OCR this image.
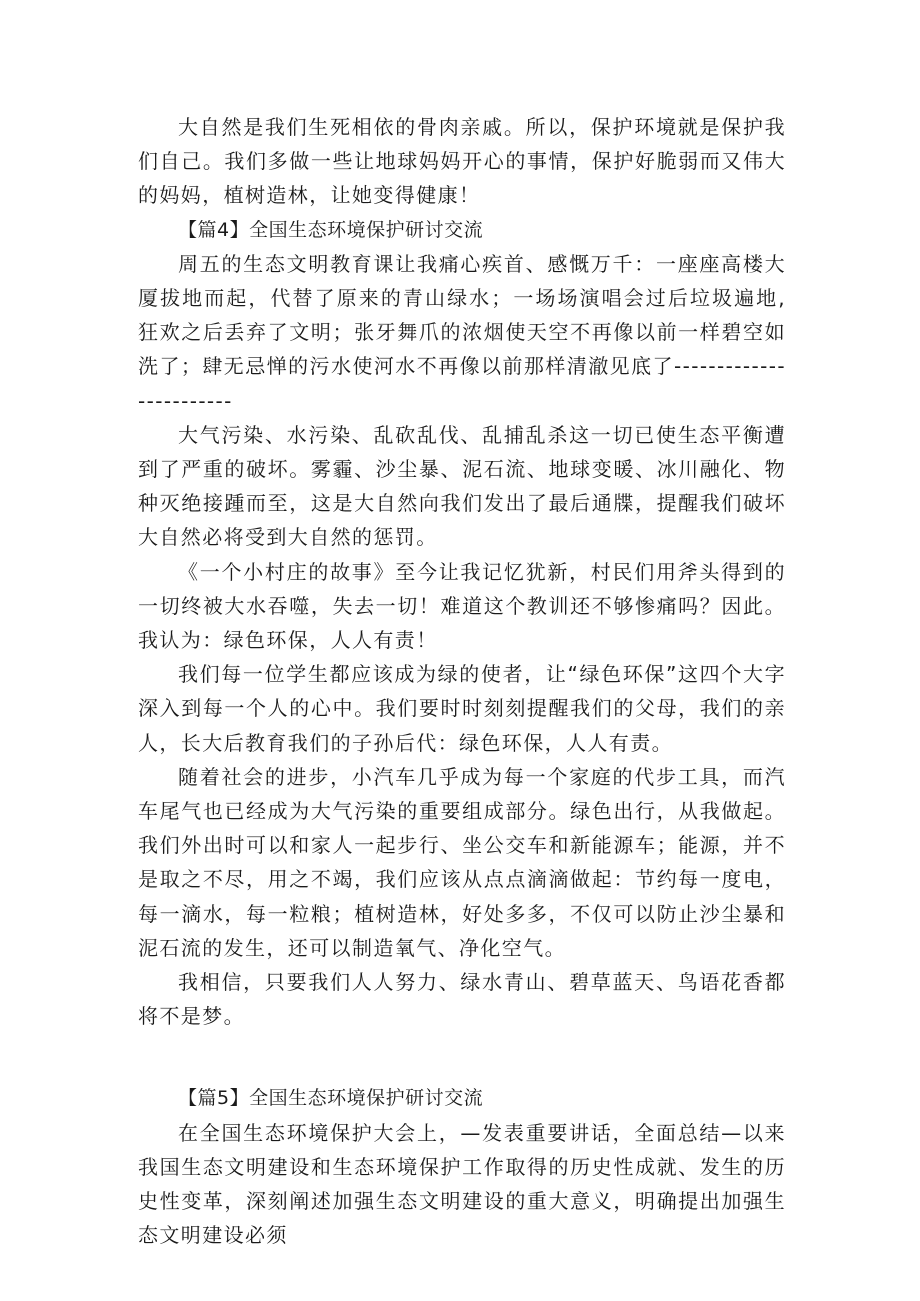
大自然是我们生死相依的骨肉亲戚。所以，保护环境就是保护我们自己。我们多做一些让地球妈妈开心的事情，保护好脆弱而又伟大的妈妈，植树造林，让她变得健康！

【篇4】全国生态环境保护研讨交流

周五的生态文明教育课让我痛心疾首、感慨万千：一座座高楼大厦拔地而起，代替了原来的青山绿水；一场场演唱会过后垃圾遍地,狂欢之后丢弃了文明；张牙舞爪的浓烟使天空不再像以前一样碧空如洗了；肆无忌惮的污水使河水不再像以前那样清澈见底了------------------------

大气污染、水污染、乱砍乱伐、乱捕乱杀这一切已使生态平衡遭到了严重的破坏。雾霾、沙尘暴、泥石流、地球变暖、冰川融化、物种灭绝接踵而至，这是大自然向我们发出了最后通牒，提醒我们破坏大自然必将受到大自然的惩罚。

《一个小村庄的故事》至今让我记忆犹新，村民们用斧头得到的一切终被大水吞噬，失去一切！难道这个教训还不够惨痛吗？因此。我认为：绿色环保，人人有责！

我们每一位学生都应该成为绿的使者，让“绿色环保”这四个大字深入到每一个人的心中。我们要时时刻刻提醒我们的父母，我们的亲人，长大后教育我们的子孙后代：绿色环保，人人有责。

随着社会的进步，小汽车几乎成为每一个家庭的代步工具，而汽车尾气也已经成为大气污染的重要组成部分。绿色出行，从我做起。我们外出时可以和家人一起步行、坐公交车和新能源车；能源，并不是取之不尽，用之不竭，我们应该从点点滴滴做起：节约每一度电，每一滴水，每一粒粮；植树造林，好处多多，不仅可以防止沙尘暴和泥石流的发生，还可以制造氧气、净化空气。

我相信，只要我们人人努力、绿水青山、碧草蓝天、鸟语花香都将不是梦。

【篇5】全国生态环境保护研讨交流

在全国生态环境保护大会上，—发表重要讲话，全面总结—以来我国生态文明建设和生态环境保护工作取得的历史性成就、发生的历史性变革，深刻阐述加强生态文明建设的重大意义，明确提出加强生态文明建设必须
